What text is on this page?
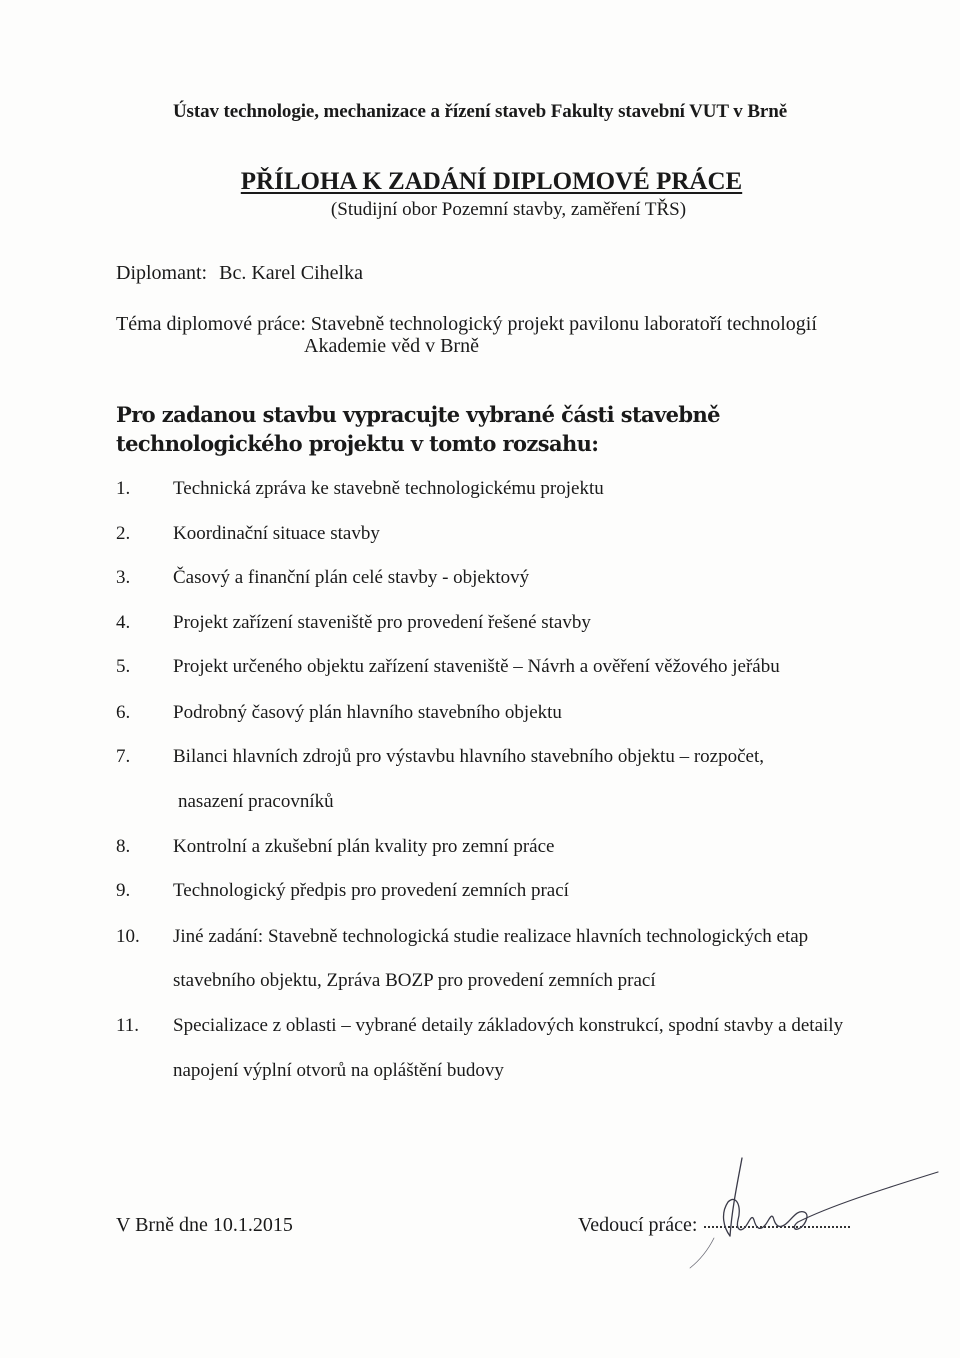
Ústav technologie, mechanizace a řízení staveb Fakulty stavební VUT v Brně
PŘÍLOHA K ZADÁNÍ DIPLOMOVÉ PRÁCE
(Studijní obor Pozemní stavby, zaměření TŘS)
Diplomant: Bc. Karel Cihelka
Téma diplomové práce: Stavebně technologický projekt pavilonu laboratoří technologií
Akademie věd v Brně
Pro zadanou stavbu vypracujte vybrané části stavebně technologického projektu v tomto rozsahu:
1. Technická zpráva ke stavebně technologickému projektu
2. Koordinační situace stavby
3. Časový a finanční plán celé stavby - objektový
4. Projekt zařízení staveniště pro provedení řešené stavby
5. Projekt určeného objektu zařízení staveniště – Návrh a ověření věžového jeřábu
6. Podrobný časový plán hlavního stavebního objektu
7. Bilanci hlavních zdrojů pro výstavbu hlavního stavebního objektu – rozpočet,
nasazení pracovníků
8. Kontrolní a zkušební plán kvality pro zemní práce
9. Technologický předpis pro provedení zemních prací
10. Jiné zadání: Stavebně technologická studie realizace hlavních technologických etap
stavebního objektu, Zpráva BOZP pro provedení zemních prací
11. Specializace z oblasti – vybrané detaily základových konstrukcí, spodní stavby a detaily
napojení výplní otvorů na opláštění budovy
V Brně dne 10.1.2015	Vedoucí práce:
